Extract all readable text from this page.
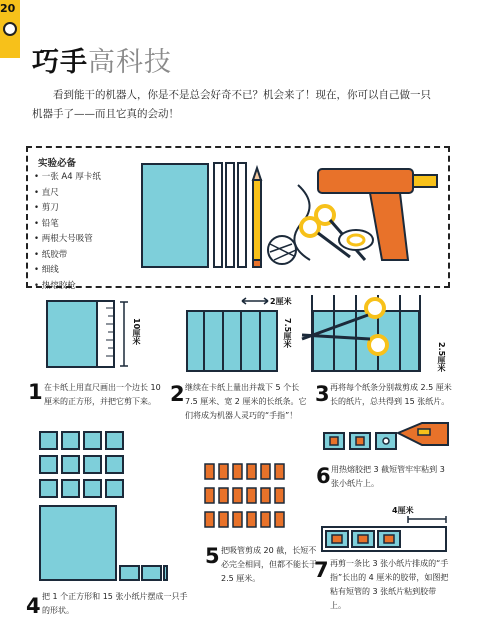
20
巧手高科技
看到能干的机器人，你是不是总会好奇不已？机会来了！现在，你可以自己做一只机器手了——而且它真的会动！
实验必备
• 一张 A4 厚卡纸
• 直尺
• 剪刀
• 铅笔
• 两根大号吸管
• 纸胶带
• 细线
• 热熔胶枪
10厘米
1 在卡纸上用直尺画出一个边长 10 厘米的正方形，并把它剪下来。
2厘米
7.5厘米
2 继续在卡纸上量出并裁下 5 个长 7.5 厘米、宽 2 厘米的长纸条。它们将成为机器人灵巧的“手指”！
2.5厘米
3 再将每个纸条分别裁剪成 2.5 厘米长的纸片，总共得到 15 张纸片。
4 把 1 个正方形和 15 张小纸片摆成一只手的形状。
5 把吸管剪成 20 截，长短不必完全相同，但都不能长于 2.5 厘米。
6 用热熔胶把 3 截短管牢牢粘到 3 张小纸片上。
4厘米
7 再剪一条比 3 张小纸片排成的“手指”长出的 4 厘米的胶带，如图把粘有短管的 3 张纸片粘到胶带上。
